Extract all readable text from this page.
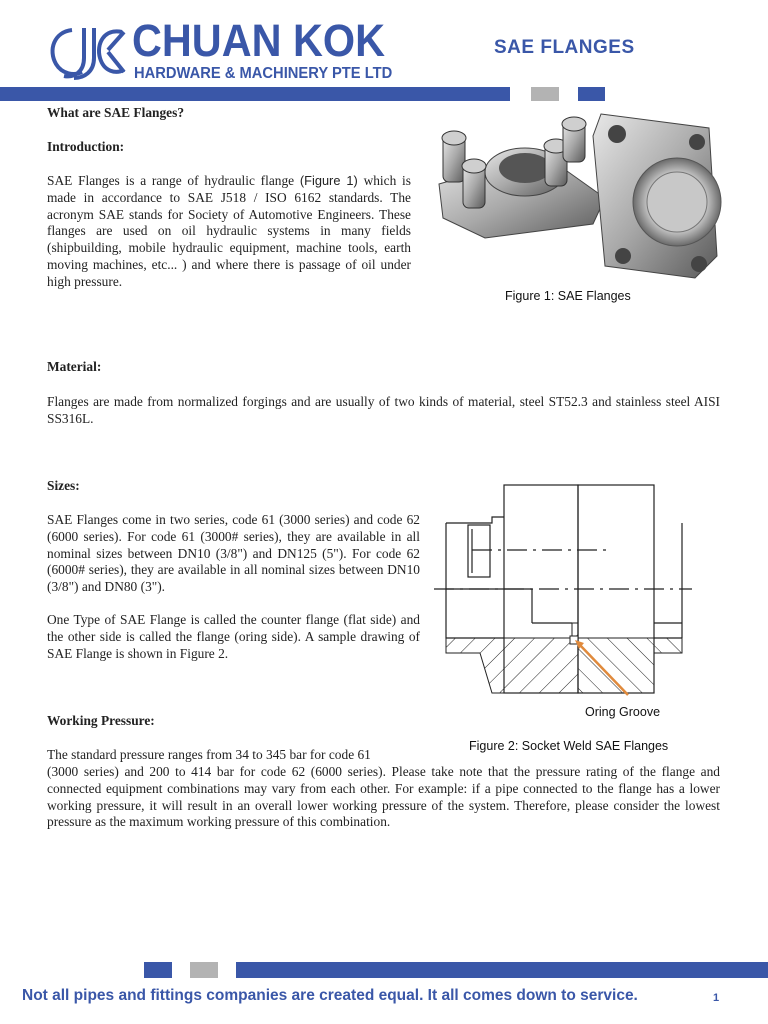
CHUAN KOK
HARDWARE & MACHINERY PTE LTD
SAE FLANGES
What are SAE Flanges?
Introduction:
SAE Flanges is a range of hydraulic flange (Figure 1) which is made in accordance to SAE J518 / ISO 6162 standards. The acronym SAE stands for Society of Automotive Engineers. These flanges are used on oil hydraulic systems in many fields (shipbuilding, mobile hydraulic equipment, machine tools, earth moving machines, etc... ) and where there is passage of oil under high pressure.
Figure 1: SAE Flanges
Material:
Flanges are made from normalized forgings and are usually of two kinds of material, steel ST52.3 and stainless steel AISI SS316L.
Sizes:
SAE Flanges come in two series, code 61 (3000 series) and code 62 (6000 series). For code 61 (3000# series), they are available in all nominal sizes between DN10 (3/8") and DN125 (5"). For code 62 (6000# series), they are available in all nominal sizes between DN10 (3/8") and DN80 (3").
One Type of SAE Flange is called the counter flange (flat side) and the other side is called the flange (oring side). A sample drawing of SAE Flange is shown in Figure 2.
Oring Groove
Figure 2: Socket Weld SAE Flanges
Working Pressure:
The standard pressure ranges from 34 to 345 bar for code 61
(3000 series) and 200 to 414 bar for code 62 (6000 series). Please take note that the pressure rating of the flange and connected equipment combinations may vary from each other. For example: if a pipe connected to the flange has a lower working pressure, it will result in an overall lower working pressure of the system. Therefore, please consider the lowest pressure as the maximum working pressure of this combination.
Not all pipes and fittings companies are created equal. It all comes down to service.	1
